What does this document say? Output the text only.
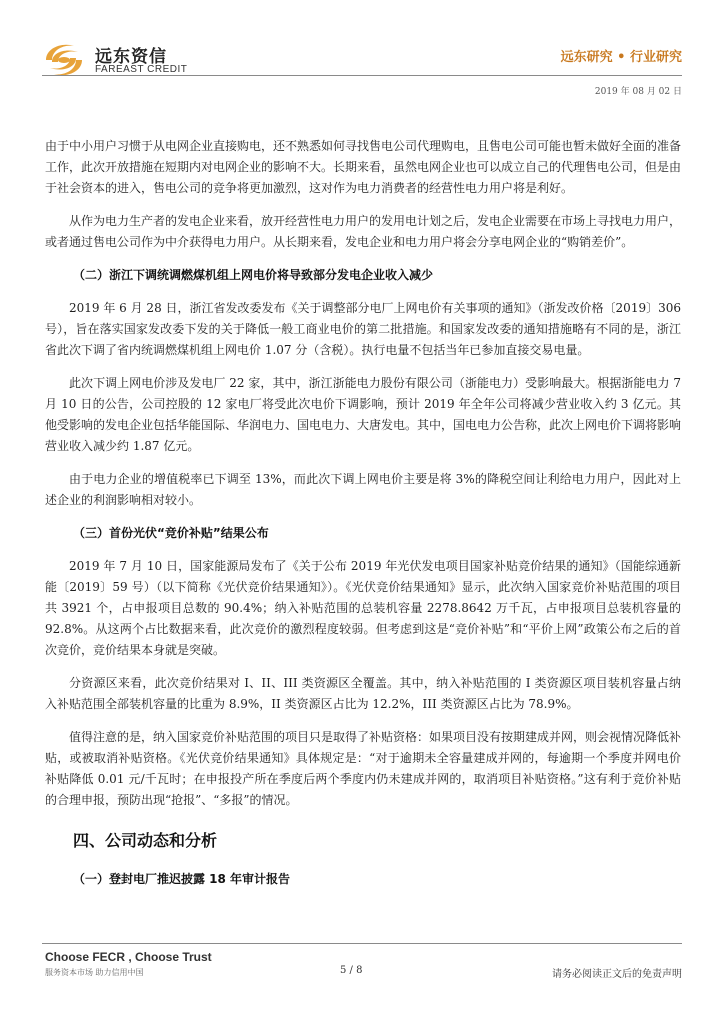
远东资信
FAREAST CREDIT
远东研究 • 行业研究
2019 年 08 月 02 日

由于中小用户习惯于从电网企业直接购电，还不熟悉如何寻找售电公司代理购电，且售电公司可能也暂未做好全面的准备工作，此次开放措施在短期内对电网企业的影响不大。长期来看，虽然电网企业也可以成立自己的代理售电公司，但是由于社会资本的进入，售电公司的竞争将更加激烈，这对作为电力消费者的经营性电力用户将是利好。

从作为电力生产者的发电企业来看，放开经营性电力用户的发用电计划之后，发电企业需要在市场上寻找电力用户，或者通过售电公司作为中介获得电力用户。从长期来看，发电企业和电力用户将会分享电网企业的“购销差价”。

（二）浙江下调统调燃煤机组上网电价将导致部分发电企业收入减少

2019 年 6 月 28 日，浙江省发改委发布《关于调整部分电厂上网电价有关事项的通知》（浙发改价格〔2019〕306 号），旨在落实国家发改委下发的关于降低一般工商业电价的第二批措施。和国家发改委的通知措施略有不同的是，浙江省此次下调了省内统调燃煤机组上网电价 1.07 分（含税）。执行电量不包括当年已参加直接交易电量。

此次下调上网电价涉及发电厂 22 家，其中，浙江浙能电力股份有限公司（浙能电力）受影响最大。根据浙能电力 7 月 10 日的公告，公司控股的 12 家电厂将受此次电价下调影响，预计 2019 年全年公司将减少营业收入约 3 亿元。其他受影响的发电企业包括华能国际、华润电力、国电电力、大唐发电。其中，国电电力公告称，此次上网电价下调将影响营业收入减少约 1.87 亿元。

由于电力企业的增值税率已下调至 13%，而此次下调上网电价主要是将 3%的降税空间让利给电力用户，因此对上述企业的利润影响相对较小。

（三）首份光伏“竞价补贴”结果公布

2019 年 7 月 10 日，国家能源局发布了《关于公布 2019 年光伏发电项目国家补贴竞价结果的通知》（国能综通新能〔2019〕59 号）（以下简称《光伏竞价结果通知》）。《光伏竞价结果通知》显示，此次纳入国家竞价补贴范围的项目共 3921 个，占申报项目总数的 90.4%；纳入补贴范围的总装机容量 2278.8642 万千瓦，占申报项目总装机容量的 92.8%。从这两个占比数据来看，此次竞价的激烈程度较弱。但考虑到这是“竞价补贴”和“平价上网”政策公布之后的首次竞价，竞价结果本身就是突破。

分资源区来看，此次竞价结果对 I、II、III 类资源区全覆盖。其中，纳入补贴范围的 I 类资源区项目装机容量占纳入补贴范围全部装机容量的比重为 8.9%，II 类资源区占比为 12.2%，III 类资源区占比为 78.9%。

值得注意的是，纳入国家竞价补贴范围的项目只是取得了补贴资格：如果项目没有按期建成并网，则会视情况降低补贴，或被取消补贴资格。《光伏竞价结果通知》具体规定是：“对于逾期未全容量建成并网的，每逾期一个季度并网电价补贴降低 0.01 元/千瓦时；在申报投产所在季度后两个季度内仍未建成并网的，取消项目补贴资格。”这有利于竞价补贴的合理申报，预防出现“抢报”、“多报”的情况。

四、公司动态和分析
（一）登封电厂推迟披露 18 年审计报告
Choose FECR , Choose Trust
服务资本市场 助力信用中国	5 / 8	请务必阅读正文后的免责声明
